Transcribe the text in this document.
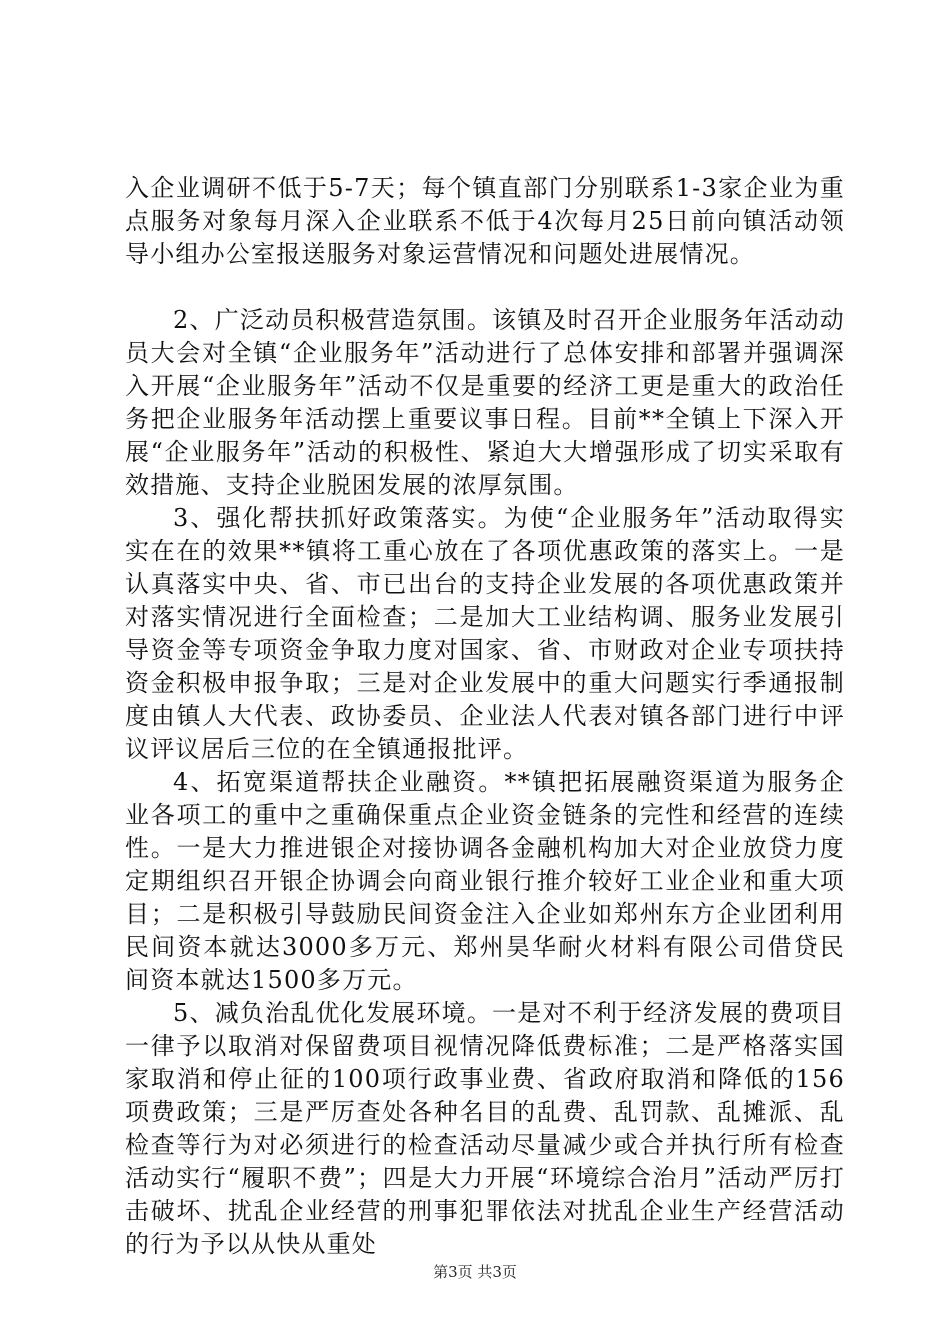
入企业调研不低于5-7天；每个镇直部门分别联系1-3家企业为重点服务对象每月深入企业联系不低于4次每月25日前向镇活动领导小组办公室报送服务对象运营情况和问题处进展情况。

2、广泛动员积极营造氛围。该镇及时召开企业服务年活动动员大会对全镇“企业服务年”活动进行了总体安排和部署并强调深入开展“企业服务年”活动不仅是重要的经济工更是重大的政治任务把企业服务年活动摆上重要议事日程。目前**全镇上下深入开展“企业服务年”活动的积极性、紧迫大大增强形成了切实采取有效措施、支持企业脱困发展的浓厚氛围。

3、强化帮扶抓好政策落实。为使“企业服务年”活动取得实实在在的效果**镇将工重心放在了各项优惠政策的落实上。一是认真落实中央、省、市已出台的支持企业发展的各项优惠政策并对落实情况进行全面检查；二是加大工业结构调、服务业发展引导资金等专项资金争取力度对国家、省、市财政对企业专项扶持资金积极申报争取；三是对企业发展中的重大问题实行季通报制度由镇人大代表、政协委员、企业法人代表对镇各部门进行中评议评议居后三位的在全镇通报批评。

4、拓宽渠道帮扶企业融资。**镇把拓展融资渠道为服务企业各项工的重中之重确保重点企业资金链条的完性和经营的连续性。一是大力推进银企对接协调各金融机构加大对企业放贷力度定期组织召开银企协调会向商业银行推介较好工业企业和重大项目；二是积极引导鼓励民间资金注入企业如郑州东方企业团利用民间资本就达3000多万元、郑州昊华耐火材料有限公司借贷民间资本就达1500多万元。

5、减负治乱优化发展环境。一是对不利于经济发展的费项目一律予以取消对保留费项目视情况降低费标准；二是严格落实国家取消和停止征的100项行政事业费、省政府取消和降低的156项费政策；三是严厉查处各种名目的乱费、乱罚款、乱摊派、乱检查等行为对必须进行的检查活动尽量减少或合并执行所有检查活动实行“履职不费”；四是大力开展“环境综合治月”活动严厉打击破坏、扰乱企业经营的刑事犯罪依法对扰乱企业生产经营活动的行为予以从快从重处

第3页 共3页
